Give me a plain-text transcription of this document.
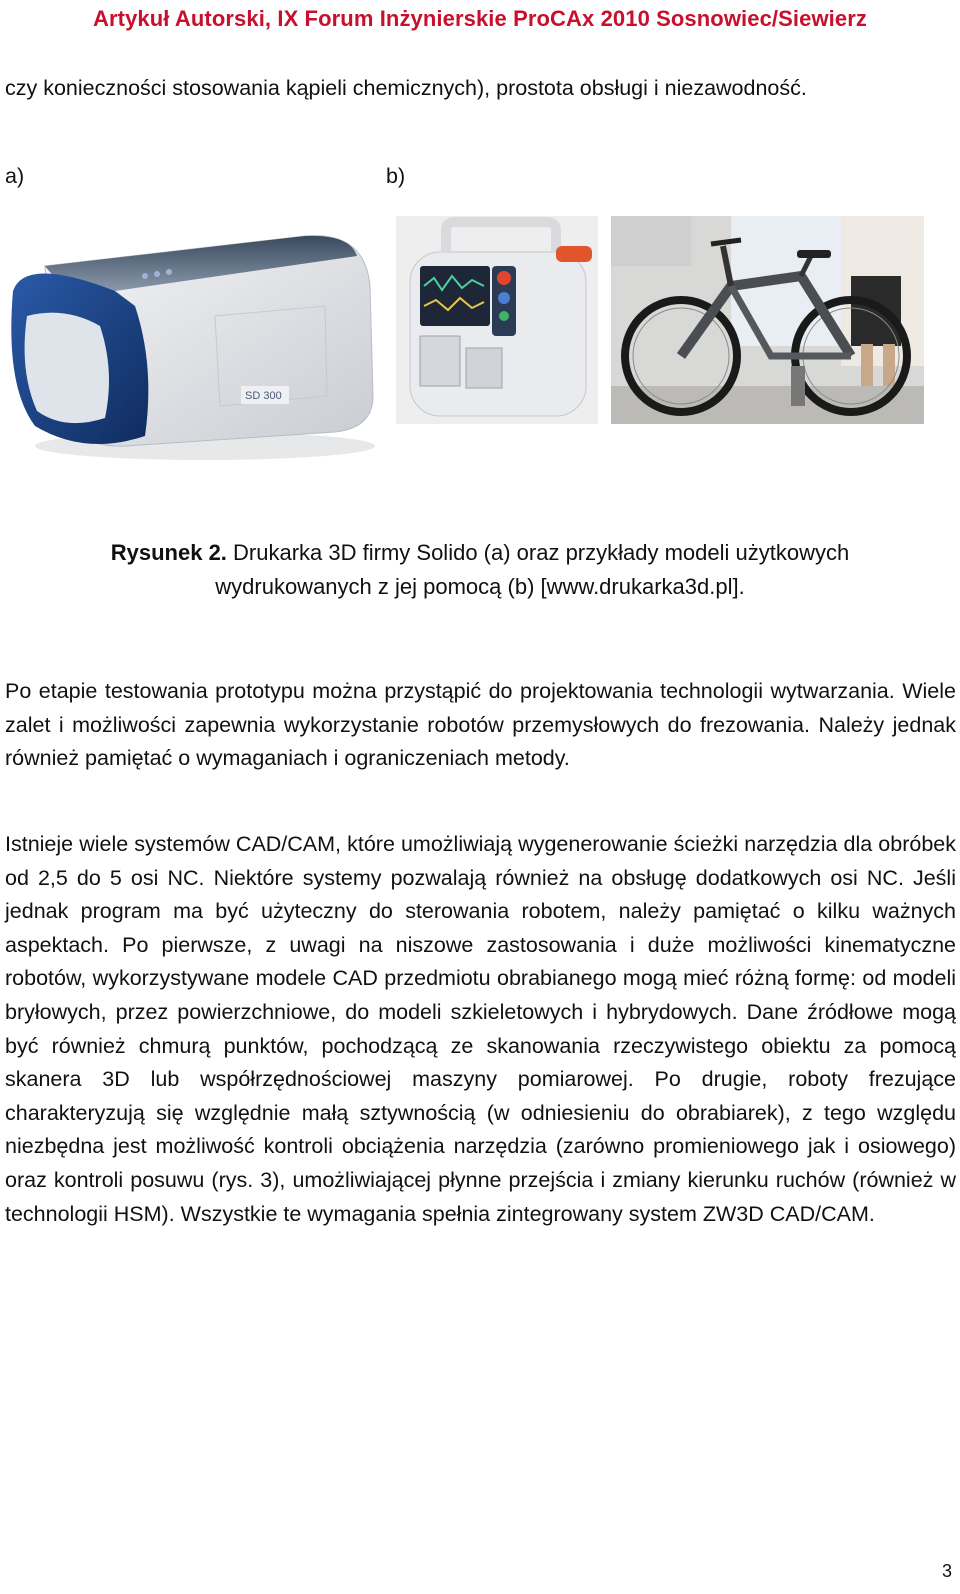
Artykuł Autorski, IX Forum Inżynierskie ProCAx 2010 Sosnowiec/Siewierz
czy konieczności stosowania kąpieli chemicznych), prostota obsługi i niezawodność.
a)	b)
SD 300
Rysunek 2. Drukarka 3D firmy Solido (a) oraz przykłady modeli użytkowych
wydrukowanych z jej pomocą (b) [www.drukarka3d.pl].
Po etapie testowania prototypu można przystąpić do projektowania technologii wytwarzania. Wiele zalet i możliwości zapewnia wykorzystanie robotów przemysłowych do frezowania. Należy jednak również pamiętać o wymaganiach i ograniczeniach metody.
Istnieje wiele systemów CAD/CAM, które umożliwiają wygenerowanie ścieżki narzędzia dla obróbek od 2,5 do 5 osi NC. Niektóre systemy pozwalają również na obsługę dodatkowych osi NC. Jeśli jednak program ma być użyteczny do sterowania robotem, należy pamiętać o kilku ważnych aspektach. Po pierwsze, z uwagi na niszowe zastosowania i duże możliwości kinematyczne robotów, wykorzystywane modele CAD przedmiotu obrabianego mogą mieć różną formę: od modeli bryłowych, przez powierzchniowe, do modeli szkieletowych i hybrydowych. Dane źródłowe mogą być również chmurą punktów, pochodzącą ze skanowania rzeczywistego obiektu za pomocą skanera 3D lub współrzędnościowej maszyny pomiarowej. Po drugie, roboty frezujące charakteryzują się względnie małą sztywnością (w odniesieniu do obrabiarek), z tego względu niezbędna jest możliwość kontroli obciążenia narzędzia (zarówno promieniowego jak i osiowego) oraz kontroli posuwu (rys. 3), umożliwiającej płynne przejścia i zmiany kierunku ruchów (również w technologii HSM). Wszystkie te wymagania spełnia zintegrowany system ZW3D CAD/CAM.
3
